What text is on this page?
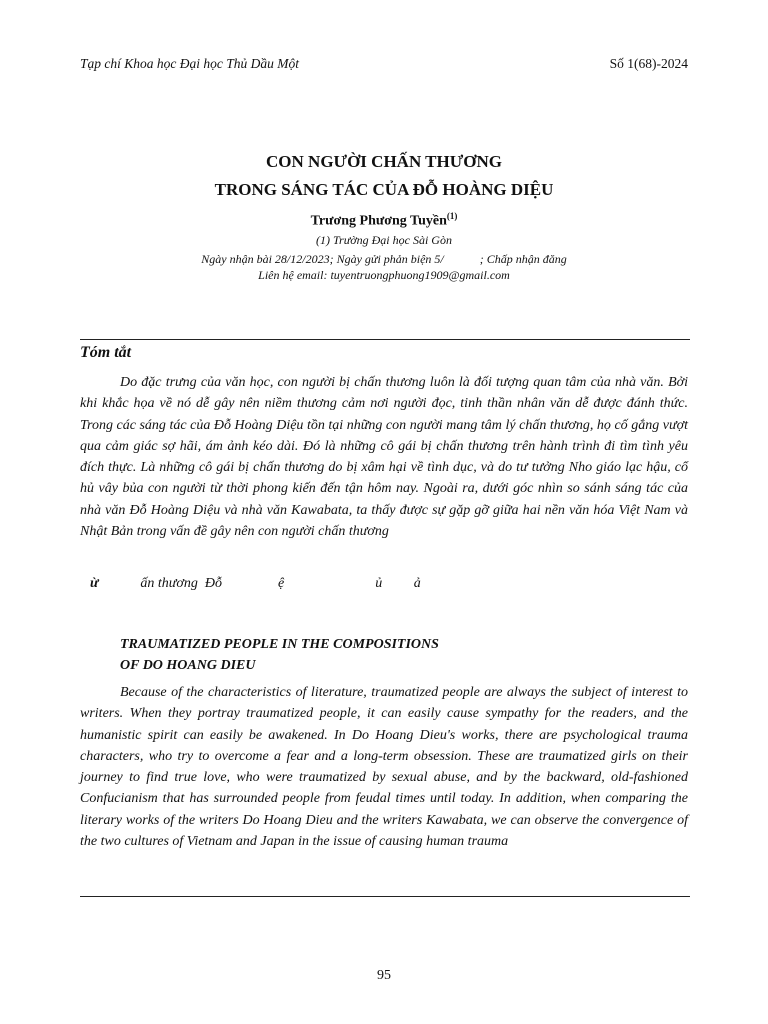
Tạp chí Khoa học Đại học Thủ Dầu Một	Số 1(68)-2024
CON NGƯỜI CHẤN THƯƠNG
TRONG SÁNG TÁC CỦA ĐỖ HOÀNG DIỆU
Trương Phương Tuyền$^{(1)}$
(1) Trường Đại học Sài Gòn
Ngày nhận bài 28/12/2023; Ngày gửi phản biện 5/            ; Chấp nhận đăng
Liên hệ email: tuyentruongphuong1909@gmail.com
Tóm tắt

Do đặc trưng của văn học, con người bị chấn thương luôn là đối tượng quan tâm của nhà văn. Bởi khi khắc họa về nó dễ gây nên niềm thương cảm nơi người đọc, tinh thần nhân văn dễ được đánh thức. Trong các sáng tác của Đỗ Hoàng Diệu tồn tại những con người mang tâm lý chấn thương, họ cố gắng vượt qua cảm giác sợ hãi, ám ảnh kéo dài. Đó là những cô gái bị chấn thương trên hành trình đi tìm tình yêu đích thực. Là những cô gái bị chấn thương do bị xâm hại về tình dục, và do tư tưởng Nho giáo lạc hậu, cổ hủ vây bủa con người từ thời phong kiến đến tận hôm nay. Ngoài ra, dưới góc nhìn so sánh sáng tác của nhà văn Đỗ Hoàng Diệu và nhà văn Kawabata, ta thấy được sự gặp gỡ giữa hai nền văn hóa Việt Nam và Nhật Bản trong vấn đề gây nên con người chấn thương

ừ            ấn thương  Đỗ                ệ                          ủ         ả
TRAUMATIZED PEOPLE IN THE COMPOSITIONS
OF DO HOANG DIEU

Because of the characteristics of literature, traumatized people are always the subject of interest to writers. When they portray traumatized people, it can easily cause sympathy for the readers, and the humanistic spirit can easily be awakened. In Do Hoang Dieu's works, there are psychological trauma characters, who try to overcome a fear and a long-term obsession. These are traumatized girls on their journey to find true love, who were traumatized by sexual abuse, and by the backward, old-fashioned Confucianism that has surrounded people from feudal times until today. In addition, when comparing the literary works of the writers Do Hoang Dieu and the writers Kawabata, we can observe the convergence of the two cultures of Vietnam and Japan in the issue of causing human trauma

95
